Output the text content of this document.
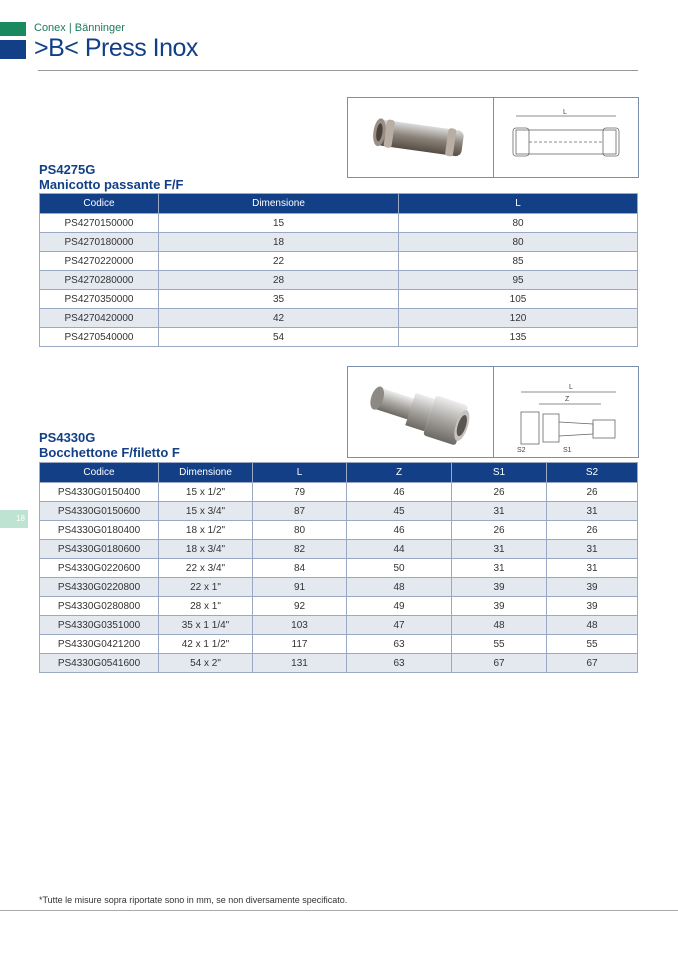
Conex | Bänninger
>B< Press Inox
L
PS4275G
Manicotto passante F/F
Codice	Dimensione	L
PS4270150000	15	80
PS4270180000	18	80
PS4270220000	22	85
PS4270280000	28	95
PS4270350000	35	105
PS4270420000	42	120
PS4270540000	54	135
L
Z
S2	S1
PS4330G
Bocchettone F/filetto F
Codice	Dimensione	L	Z	S1	S2
PS4330G0150400	15 x 1/2"	79	46	26	26
PS4330G0150600	15 x 3/4"	87	45	31	31
PS4330G0180400	18 x 1/2"	80	46	26	26
PS4330G0180600	18 x 3/4"	82	44	31	31
PS4330G0220600	22 x 3/4"	84	50	31	31
PS4330G0220800	22 x 1"	91	48	39	39
PS4330G0280800	28 x 1"	92	49	39	39
PS4330G0351000	35 x 1 1/4"	103	47	48	48
PS4330G0421200	42 x 1 1/2"	117	63	55	55
PS4330G0541600	54 x 2"	131	63	67	67
18
*Tutte le misure sopra riportate sono in mm, se non diversamente specificato.
